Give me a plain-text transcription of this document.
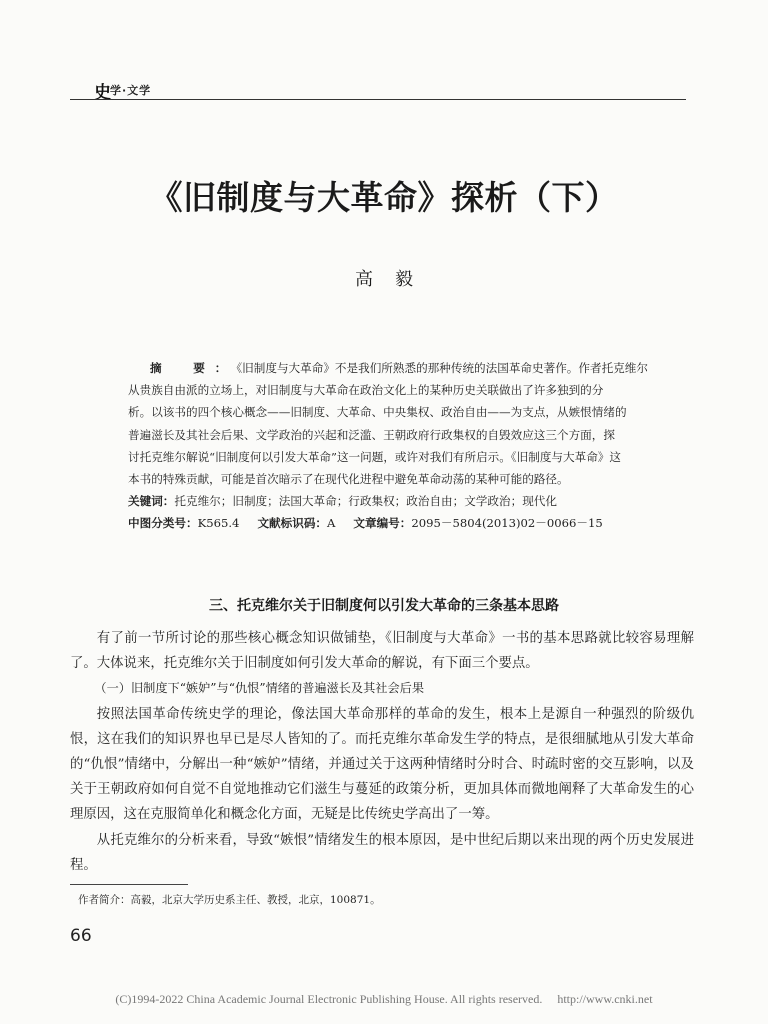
史 学·文学
《旧制度与大革命》探析（下）
高毅

摘　要：《旧制度与大革命》不是我们所熟悉的那种传统的法国革命史著作。作者托克维尔

从贵族自由派的立场上，对旧制度与大革命在政治文化上的某种历史关联做出了许多独到的分

析。以该书的四个核心概念——旧制度、大革命、中央集权、政治自由——为支点，从嫉恨情绪的

普遍滋长及其社会后果、文学政治的兴起和泛滥、王朝政府行政集权的自毁效应这三个方面，探

讨托克维尔解说“旧制度何以引发大革命”这一问题，或许对我们有所启示。《旧制度与大革命》这

本书的特殊贡献，可能是首次暗示了在现代化进程中避免革命动荡的某种可能的路径。

关键词：托克维尔；旧制度；法国大革命；行政集权；政治自由；文学政治；现代化

中图分类号：K565.4 文献标识码：A 文章编号：2095－5804(2013)02－0066－15

三、托克维尔关于旧制度何以引发大革命的三条基本思路

有了前一节所讨论的那些核心概念知识做铺垫，《旧制度与大革命》一书的基本思路就比较容易理解了。大体说来，托克维尔关于旧制度如何引发大革命的解说，有下面三个要点。

（一）旧制度下“嫉妒”与“仇恨”情绪的普遍滋长及其社会后果

按照法国革命传统史学的理论，像法国大革命那样的革命的发生，根本上是源自一种强烈的阶级仇恨，这在我们的知识界也早已是尽人皆知的了。而托克维尔革命发生学的特点，是很细腻地从引发大革命的“仇恨”情绪中，分解出一种“嫉妒”情绪，并通过关于这两种情绪时分时合、时疏时密的交互影响，以及关于王朝政府如何自觉不自觉地推动它们滋生与蔓延的政策分析，更加具体而微地阐释了大革命发生的心理原因，这在克服简单化和概念化方面，无疑是比传统史学高出了一筹。

从托克维尔的分析来看，导致“嫉恨”情绪发生的根本原因，是中世纪后期以来出现的两个历史发展进程。

作者简介：高毅，北京大学历史系主任、教授，北京，100871。
66
(C)1994-2022 China Academic Journal Electronic Publishing House. All rights reserved.　 http://www.cnki.net
